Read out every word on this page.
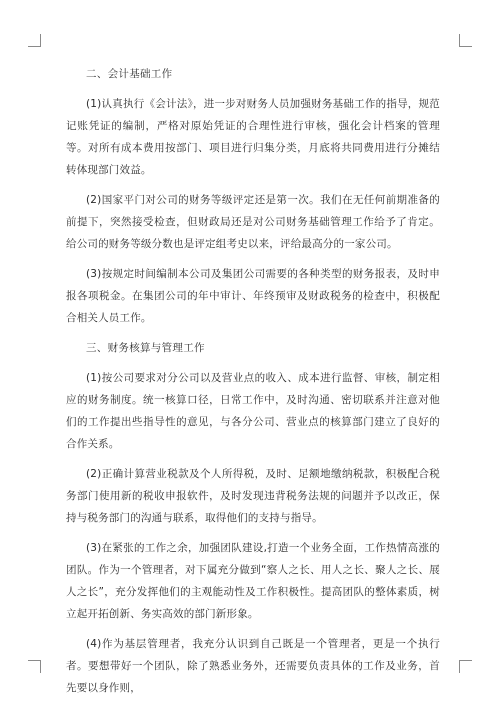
二、会计基础工作

(1)认真执行《会计法》，进一步对财务人员加强财务基础工作的指导，规范记账凭证的编制，严格对原始凭证的合理性进行审核，强化会计档案的管理等。对所有成本费用按部门、项目进行归集分类，月底将共同费用进行分摊结转体现部门效益。

(2)国家平门对公司的财务等级评定还是第一次。我们在无任何前期准备的前提下，突然接受检查，但财政局还是对公司财务基础管理工作给予了肯定。给公司的财务等级分数也是评定组考史以来，评给最高分的一家公司。

(3)按规定时间编制本公司及集团公司需要的各种类型的财务报表，及时申报各项税金。在集团公司的年中审计、年终预审及财政税务的检查中，积极配合相关人员工作。

三、财务核算与管理工作

(1)按公司要求对分公司以及营业点的收入、成本进行监督、审核，制定相应的财务制度。统一核算口径，日常工作中，及时沟通、密切联系并注意对他们的工作提出些指导性的意见，与各分公司、营业点的核算部门建立了良好的合作关系。

(2)正确计算营业税款及个人所得税，及时、足额地缴纳税款，积极配合税务部门使用新的税收申报软件，及时发现违背税务法规的问题并予以改正，保持与税务部门的沟通与联系，取得他们的支持与指导。

(3)在紧张的工作之余，加强团队建设,打造一个业务全面，工作热情高涨的团队。作为一个管理者，对下属充分做到“察人之长、用人之长、聚人之长、展人之长”，充分发挥他们的主观能动性及工作积极性。提高团队的整体素质，树立起开拓创新、务实高效的部门新形象。

(4)作为基层管理者，我充分认识到自己既是一个管理者，更是一个执行者。要想带好一个团队，除了熟悉业务外，还需要负责具体的工作及业务，首先要以身作则，
